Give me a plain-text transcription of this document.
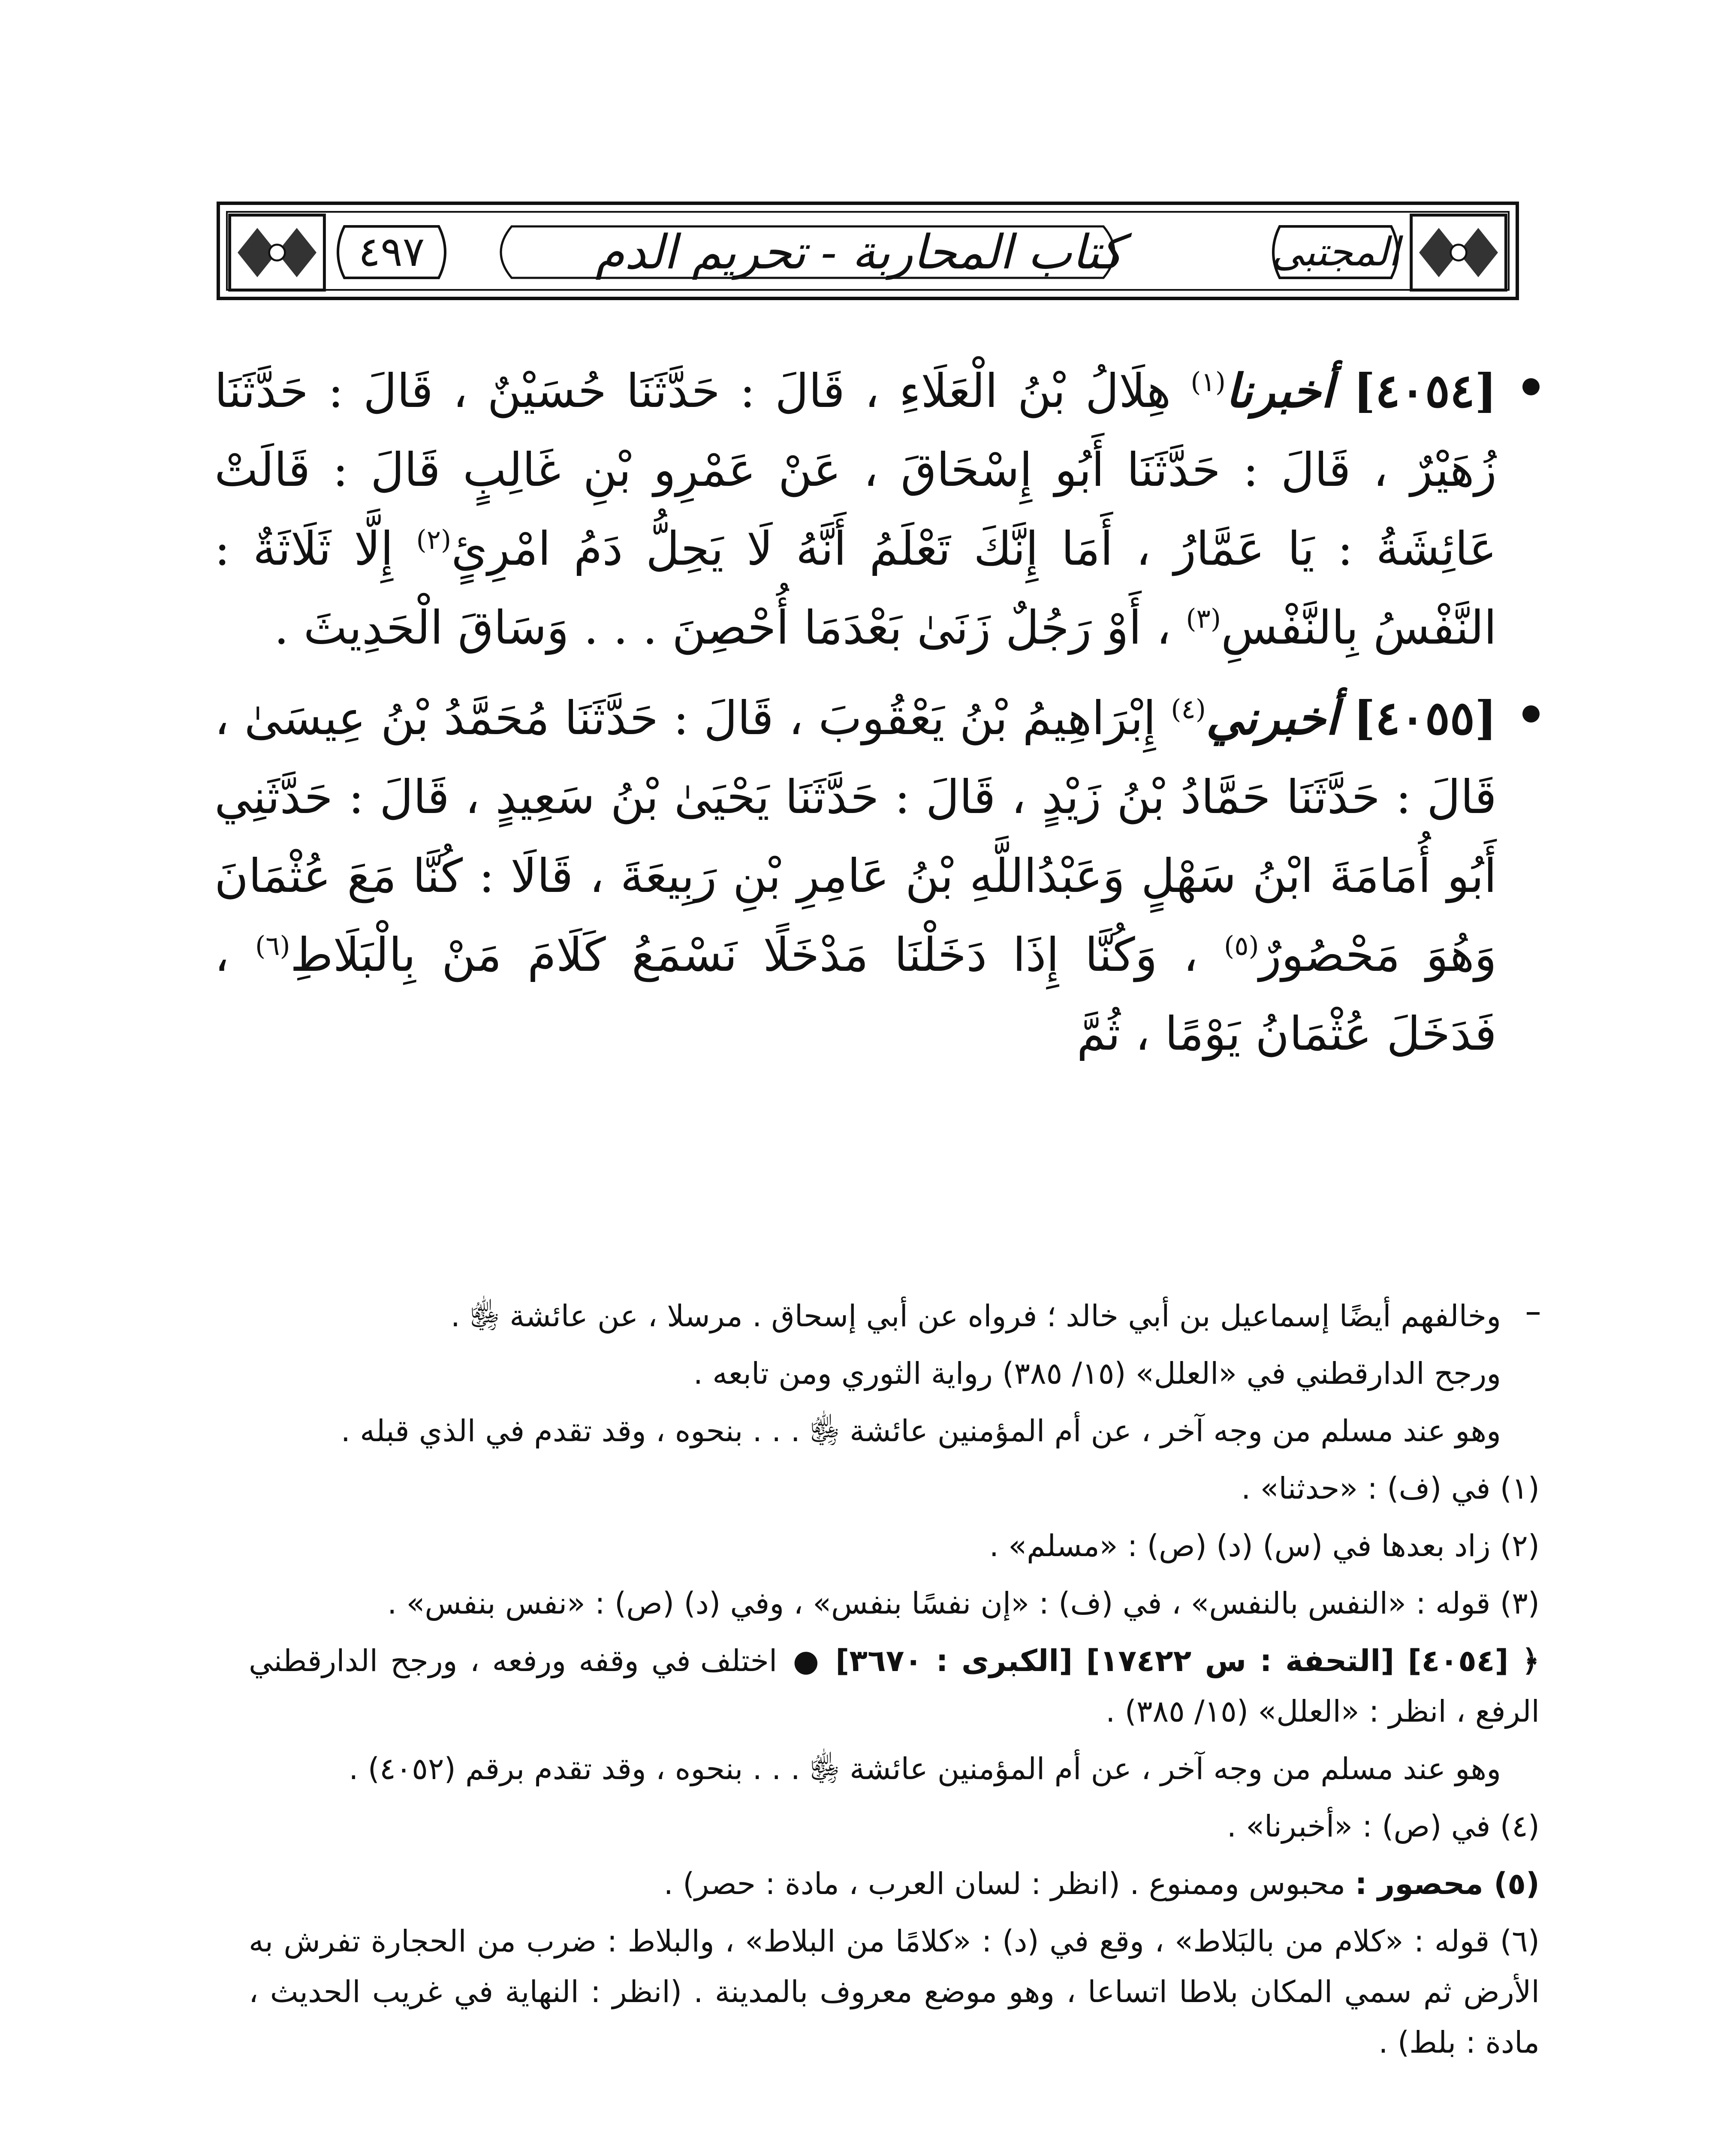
٤٩٧	كتاب المحاربة - تحريم الدم	المجتبى
[٤٠٥٤] أخبرنا$^{(١)}$ هِلَالُ بْنُ الْعَلَاءِ ، قَالَ : حَدَّثَنَا حُسَيْنٌ ، قَالَ : حَدَّثَنَا زُهَيْرٌ ، قَالَ : حَدَّثَنَا أَبُو إِسْحَاقَ ، عَنْ عَمْرِو بْنِ غَالِبٍ قَالَ : قَالَتْ عَائِشَةُ : يَا عَمَّارُ ، أَمَا إِنَّكَ تَعْلَمُ أَنَّهُ لَا يَحِلُّ دَمُ امْرِئٍ$^{(٢)}$ إِلَّا ثَلَاثَةٌ : النَّفْسُ بِالنَّفْسِ$^{(٣)}$ ، أَوْ رَجُلٌ زَنَىٰ بَعْدَمَا أُحْصِنَ . . . وَسَاقَ الْحَدِيثَ .
[٤٠٥٥] أخبرني$^{(٤)}$ إِبْرَاهِيمُ بْنُ يَعْقُوبَ ، قَالَ : حَدَّثَنَا مُحَمَّدُ بْنُ عِيسَىٰ ، قَالَ : حَدَّثَنَا حَمَّادُ بْنُ زَيْدٍ ، قَالَ : حَدَّثَنَا يَحْيَىٰ بْنُ سَعِيدٍ ، قَالَ : حَدَّثَنِي أَبُو أُمَامَةَ ابْنُ سَهْلٍ وَعَبْدُاللَّهِ بْنُ عَامِرِ بْنِ رَبِيعَةَ ، قَالَا : كُنَّا مَعَ عُثْمَانَ وَهُوَ مَحْصُورٌ$^{(٥)}$ ، وَكُنَّا إِذَا دَخَلْنَا مَدْخَلًا نَسْمَعُ كَلَامَ مَنْ بِالْبَلَاطِ$^{(٦)}$ ، فَدَخَلَ عُثْمَانُ يَوْمًا ، ثُمَّ

وخالفهم أيضًا إسماعيل بن أبي خالد ؛ فرواه عن أبي إسحاق . مرسلا ، عن عائشة ﵂ .

ورجح الدارقطني في «العلل» (١٥/ ٣٨٥) رواية الثوري ومن تابعه .

وهو عند مسلم من وجه آخر ، عن أم المؤمنين عائشة ﵂ . . . بنحوه ، وقد تقدم في الذي قبله .

(١) في (ف) : «حدثنا» .

(٢) زاد بعدها في (س) (د) (ص) : «مسلم» .

(٣) قوله : «النفس بالنفس» ، في (ف) : «إن نفسًا بنفس» ، وفي (د) (ص) : «نفس بنفس» .

﴿ [٤٠٥٤] [التحفة : س ١٧٤٢٢] [الكبرى : ٣٦٧٠] ● اختلف في وقفه ورفعه ، ورجح الدارقطني الرفع ، انظر : «العلل» (١٥/ ٣٨٥) .

وهو عند مسلم من وجه آخر ، عن أم المؤمنين عائشة ﵂ . . . بنحوه ، وقد تقدم برقم (٤٠٥٢) .

(٤) في (ص) : «أخبرنا» .

(٥) محصور : محبوس وممنوع . (انظر : لسان العرب ، مادة : حصر) .

(٦) قوله : «كلام من بالبَلاط» ، وقع في (د) : «كلامًا من البلاط» ، والبلاط : ضرب من الحجارة تفرش به الأرض ثم سمي المكان بلاطا اتساعا ، وهو موضع معروف بالمدينة . (انظر : النهاية في غريب الحديث ، مادة : بلط) .
